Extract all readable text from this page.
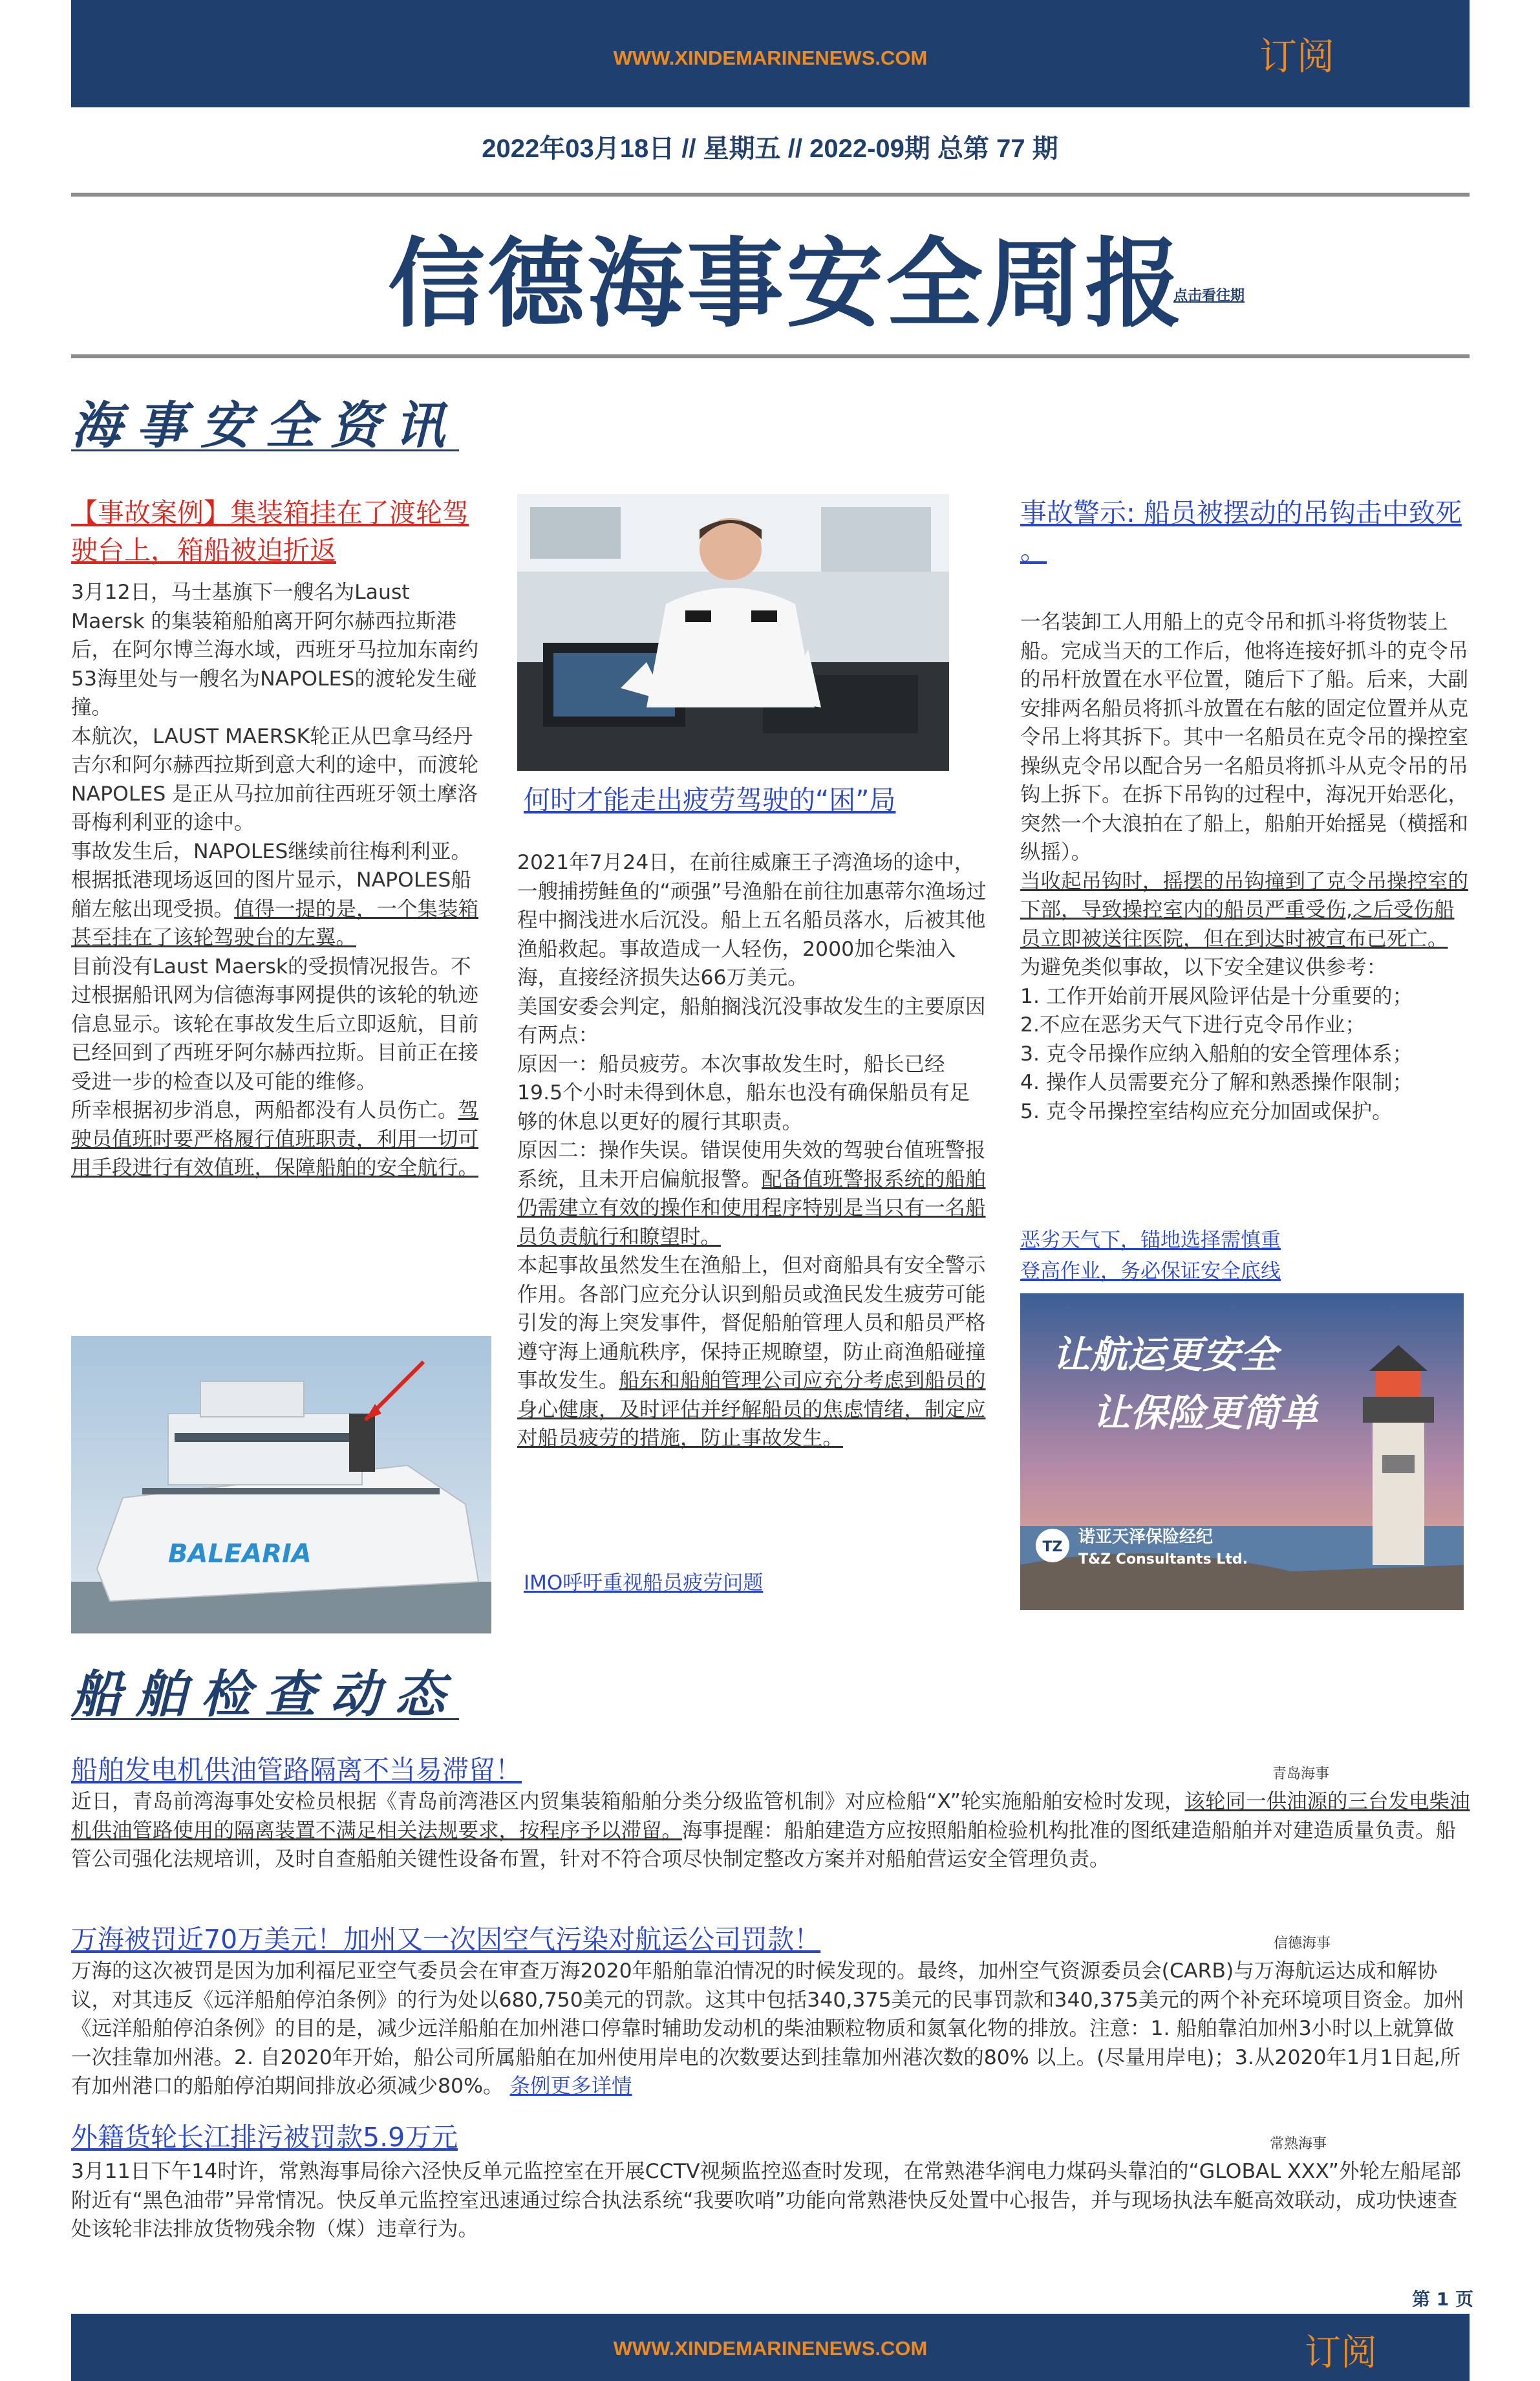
WWW.XINDEMARINENEWS.COM	订阅
2022年03月18日 // 星期五 // 2022-09期 总第 77 期
信德海事安全周报
点击看往期
海事安全资讯
【事故案例】集装箱挂在了渡轮驾驶台上，箱船被迫折返

3月12日，马士基旗下一艘名为Laust Maersk 的集装箱船舶离开阿尔赫西拉斯港后，在阿尔博兰海水域，西班牙马拉加东南约53海里处与一艘名为NAPOLES的渡轮发生碰撞。

本航次，LAUST MAERSK轮正从巴拿马经丹吉尔和阿尔赫西拉斯到意大利的途中，而渡轮NAPOLES 是正从马拉加前往西班牙领土摩洛哥梅利利亚的途中。

事故发生后，NAPOLES继续前往梅利利亚。根据抵港现场返回的图片显示，NAPOLES船艏左舷出现受损。值得一提的是，一个集装箱甚至挂在了该轮驾驶台的左翼。

目前没有Laust Maersk的受损情况报告。不过根据船讯网为信德海事网提供的该轮的轨迹信息显示。该轮在事故发生后立即返航，目前已经回到了西班牙阿尔赫西拉斯。目前正在接受进一步的检查以及可能的维修。

所幸根据初步消息，两船都没有人员伤亡。驾驶员值班时要严格履行值班职责，利用一切可用手段进行有效值班，保障船舶的安全航行。

BALEARIA
何时才能走出疲劳驾驶的“困”局

2021年7月24日，在前往威廉王子湾渔场的途中，一艘捕捞鲑鱼的“顽强”号渔船在前往加惠蒂尔渔场过程中搁浅进水后沉没。船上五名船员落水，后被其他渔船救起。事故造成一人轻伤，2000加仑柴油入海，直接经济损失达66万美元。

美国安委会判定，船舶搁浅沉没事故发生的主要原因有两点：

原因一：船员疲劳。本次事故发生时，船长已经19.5个小时未得到休息，船东也没有确保船员有足够的休息以更好的履行其职责。

原因二：操作失误。错误使用失效的驾驶台值班警报系统，且未开启偏航报警。配备值班警报系统的船舶仍需建立有效的操作和使用程序特别是当只有一名船员负责航行和瞭望时。

本起事故虽然发生在渔船上，但对商船具有安全警示作用。各部门应充分认识到船员或渔民发生疲劳可能引发的海上突发事件，督促船舶管理人员和船员严格遵守海上通航秩序，保持正规瞭望，防止商渔船碰撞事故发生。船东和船舶管理公司应充分考虑到船员的身心健康，及时评估并纾解船员的焦虑情绪，制定应对船员疲劳的措施，防止事故发生。

IMO呼吁重视船员疲劳问题
事故警示: 船员被摆动的吊钩击中致死 。

一名装卸工人用船上的克令吊和抓斗将货物装上船。完成当天的工作后，他将连接好抓斗的克令吊的吊杆放置在水平位置，随后下了船。后来，大副安排两名船员将抓斗放置在右舷的固定位置并从克令吊上将其拆下。其中一名船员在克令吊的操控室操纵克令吊以配合另一名船员将抓斗从克令吊的吊钩上拆下。在拆下吊钩的过程中，海况开始恶化，突然一个大浪拍在了船上，船舶开始摇晃（横摇和纵摇）。

当收起吊钩时，摇摆的吊钩撞到了克令吊操控室的下部，导致操控室内的船员严重受伤,之后受伤船员立即被送往医院，但在到达时被宣布已死亡。

为避免类似事故，以下安全建议供参考：

1. 工作开始前开展风险评估是十分重要的；

2.不应在恶劣天气下进行克令吊作业；

3. 克令吊操作应纳入船舶的安全管理体系；

4. 操作人员需要充分了解和熟悉操作限制；

5. 克令吊操控室结构应充分加固或保护。

恶劣天气下，锚地选择需慎重
登高作业，务必保证安全底线
让航运更安全
让保险更简单
TZ
诺亚天泽保险经纪
T&Z Consultants Ltd.
船舶检查动态
船舶发电机供油管路隔离不当易滞留！	青岛海事

近日，青岛前湾海事处安检员根据《青岛前湾港区内贸集装箱船舶分类分级监管机制》对应检船“X”轮实施船舶安检时发现，该轮同一供油源的三台发电柴油机供油管路使用的隔离装置不满足相关法规要求，按程序予以滞留。海事提醒：船舶建造方应按照船舶检验机构批准的图纸建造船舶并对建造质量负责。船管公司强化法规培训，及时自查船舶关键性设备布置，针对不符合项尽快制定整改方案并对船舶营运安全管理负责。

万海被罚近70万美元！加州又一次因空气污染对航运公司罚款！	信德海事

万海的这次被罚是因为加利福尼亚空气委员会在审查万海2020年船舶靠泊情况的时候发现的。最终，加州空气资源委员会(CARB)与万海航运达成和解协议，对其违反《远洋船舶停泊条例》的行为处以680,750美元的罚款。这其中包括340,375美元的民事罚款和340,375美元的两个补充环境项目资金。加州《远洋船舶停泊条例》的目的是，减少远洋船舶在加州港口停靠时辅助发动机的柴油颗粒物质和氮氧化物的排放。注意：1. 船舶靠泊加州3小时以上就算做一次挂靠加州港。2. 自2020年开始，船公司所属船舶在加州使用岸电的次数要达到挂靠加州港次数的80% 以上。(尽量用岸电)；3.从2020年1月1日起,所有加州港口的船舶停泊期间排放必须减少80%。 条例更多详情

外籍货轮长江排污被罚款5.9万元	常熟海事

3月11日下午14时许，常熟海事局徐六泾快反单元监控室在开展CCTV视频监控巡查时发现，在常熟港华润电力煤码头靠泊的“GLOBAL XXX”外轮左船尾部附近有“黑色油带”异常情况。快反单元监控室迅速通过综合执法系统“我要吹哨”功能向常熟港快反处置中心报告，并与现场执法车艇高效联动，成功快速查处该轮非法排放货物残余物（煤）违章行为。

第 1 页
WWW.XINDEMARINENEWS.COM	订阅
